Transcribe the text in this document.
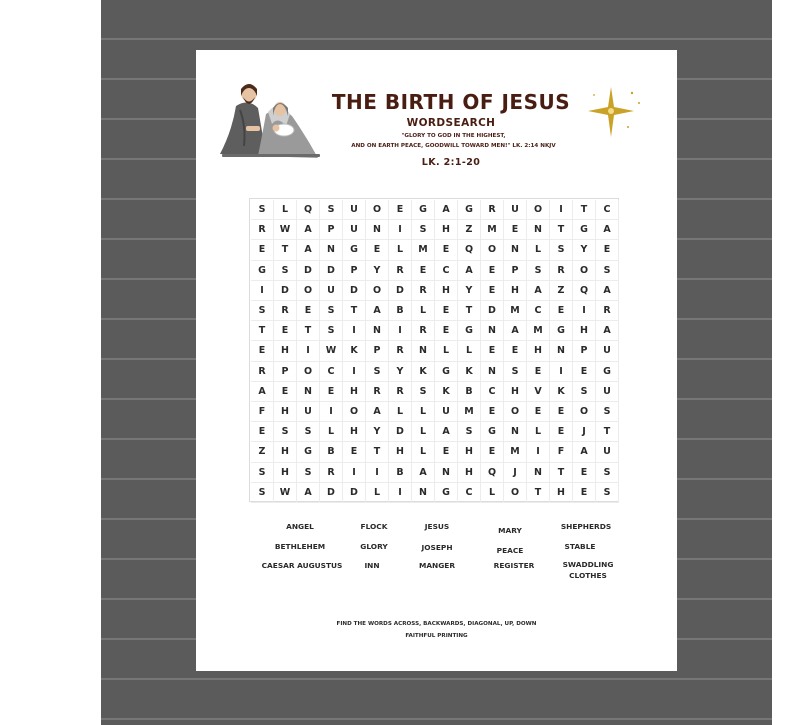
THE BIRTH OF JESUS
WORDSEARCH
"GLORY TO GOD IN THE HIGHEST,
AND ON EARTH PEACE, GOODWILL TOWARD MEN!" LK. 2:14 NKJV
LK. 2:1-20
S	L	Q	S	U	O	E	G	A	G	R	U	O	I	T	C
R	W	A	P	U	N	I	S	H	Z	M	E	N	T	G	A
E	T	A	N	G	E	L	M	E	Q	O	N	L	S	Y	E
G	S	D	D	P	Y	R	E	C	A	E	P	S	R	O	S
I	D	O	U	D	O	D	R	H	Y	E	H	A	Z	Q	A
S	R	E	S	T	A	B	L	E	T	D	M	C	E	I	R
T	E	T	S	I	N	I	R	E	G	N	A	M	G	H	A
E	H	I	W	K	P	R	N	L	L	E	E	H	N	P	U
R	P	O	C	I	S	Y	K	G	K	N	S	E	I	E	G
A	E	N	E	H	R	R	S	K	B	C	H	V	K	S	U
F	H	U	I	O	A	L	L	U	M	E	O	E	E	O	S
E	S	S	L	H	Y	D	L	A	S	G	N	L	E	J	T
Z	H	G	B	E	T	H	L	E	H	E	M	I	F	A	U
S	H	S	R	I	I	B	A	N	H	Q	J	N	T	E	S
S	W	A	D	D	L	I	N	G	C	L	O	T	H	E	S
ANGEL	FLOCK	JESUS	MARY	SHEPHERDS
BETHLEHEM	GLORY	JOSEPH	PEACE	STABLE
CAESAR AUGUSTUS	INN	MANGER	REGISTER	SWADDLING
CLOTHES
FIND THE WORDS ACROSS, BACKWARDS, DIAGONAL, UP, DOWN
FAITHFUL PRINTING
